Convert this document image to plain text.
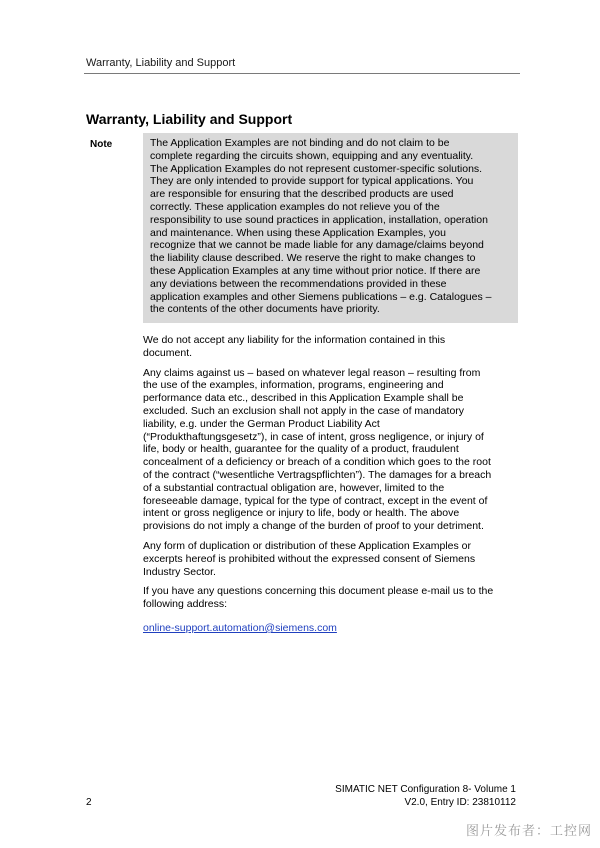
Warranty, Liability and Support
Warranty, Liability and Support
Note	The Application Examples are not binding and do not claim to be
complete regarding the circuits shown, equipping and any eventuality.
The Application Examples do not represent customer-specific solutions.
They are only intended to provide support for typical applications. You
are responsible for ensuring that the described products are used
correctly. These application examples do not relieve you of the
responsibility to use sound practices in application, installation, operation
and maintenance. When using these Application Examples, you
recognize that we cannot be made liable for any damage/claims beyond
the liability clause described. We reserve the right to make changes to
these Application Examples at any time without prior notice. If there are
any deviations between the recommendations provided in these
application examples and other Siemens publications – e.g. Catalogues –
the contents of the other documents have priority.

We do not accept any liability for the information contained in this
document.

Any claims against us – based on whatever legal reason – resulting from
the use of the examples, information, programs, engineering and
performance data etc., described in this Application Example shall be
excluded. Such an exclusion shall not apply in the case of mandatory
liability, e.g. under the German Product Liability Act
(“Produkthaftungsgesetz”), in case of intent, gross negligence, or injury of
life, body or health, guarantee for the quality of a product, fraudulent
concealment of a deficiency or breach of a condition which goes to the root
of the contract (“wesentliche Vertragspflichten”). The damages for a breach
of a substantial contractual obligation are, however, limited to the
foreseeable damage, typical for the type of contract, except in the event of
intent or gross negligence or injury to life, body or health. The above
provisions do not imply a change of the burden of proof to your detriment.

Any form of duplication or distribution of these Application Examples or
excerpts hereof is prohibited without the expressed consent of Siemens
Industry Sector.

If you have any questions concerning this document please e-mail us to the
following address:

online-support.automation@siemens.com
2
SIMATIC NET Configuration 8- Volume 1
V2.0, Entry ID: 23810112
图片发布者：工控网
